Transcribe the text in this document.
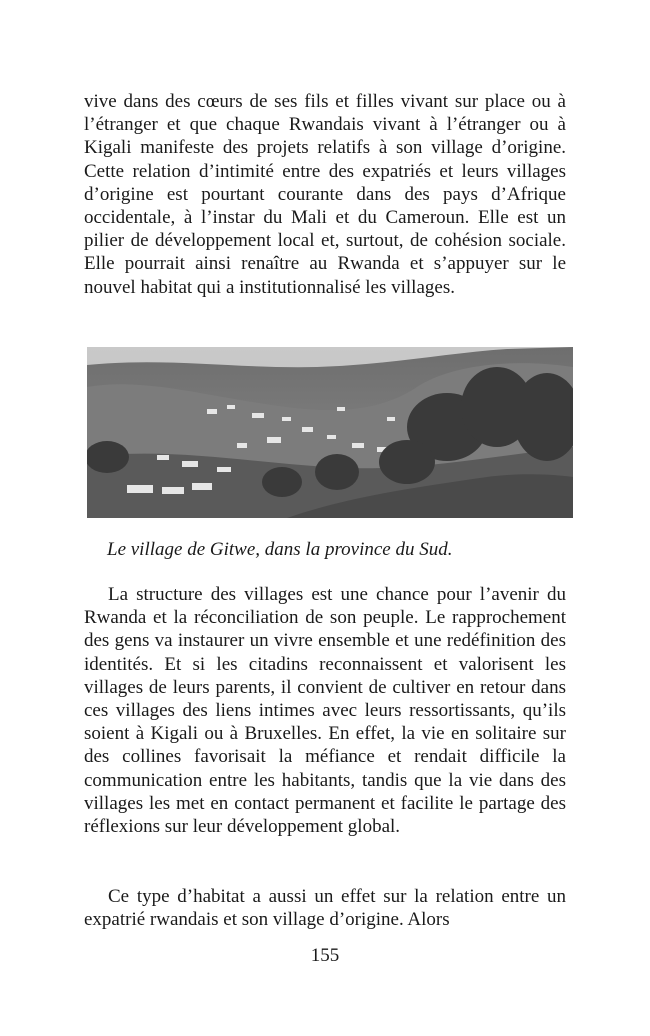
vive dans des cœurs de ses fils et filles vivant sur place ou à l’étranger et que chaque Rwandais vivant à l’étranger ou à Kigali manifeste des projets relatifs à son village d’origine. Cette relation d’intimité entre des expatriés et leurs villages d’origine est pourtant courante dans des pays d’Afrique occidentale, à l’instar du Mali et du Cameroun. Elle est un pilier de développement local et, surtout, de cohésion sociale. Elle pourrait ainsi renaître au Rwanda et s’appuyer sur le nouvel habitat qui a institutionnalisé les villages.

Le village de Gitwe, dans la province du Sud.

La structure des villages est une chance pour l’avenir du Rwanda et la réconciliation de son peuple. Le rapprochement des gens va instaurer un vivre ensemble et une redéfinition des identités. Et si les citadins reconnaissent et valorisent les villages de leurs parents, il convient de cultiver en retour dans ces villages des liens intimes avec leurs ressortissants, qu’ils soient à Kigali ou à Bruxelles. En effet, la vie en solitaire sur des collines favorisait la méfiance et rendait difficile la communication entre les habitants, tandis que la vie dans des villages les met en contact permanent et facilite le partage des réflexions sur leur développement global.

Ce type d’habitat a aussi un effet sur la relation entre un expatrié rwandais et son village d’origine. Alors

155
